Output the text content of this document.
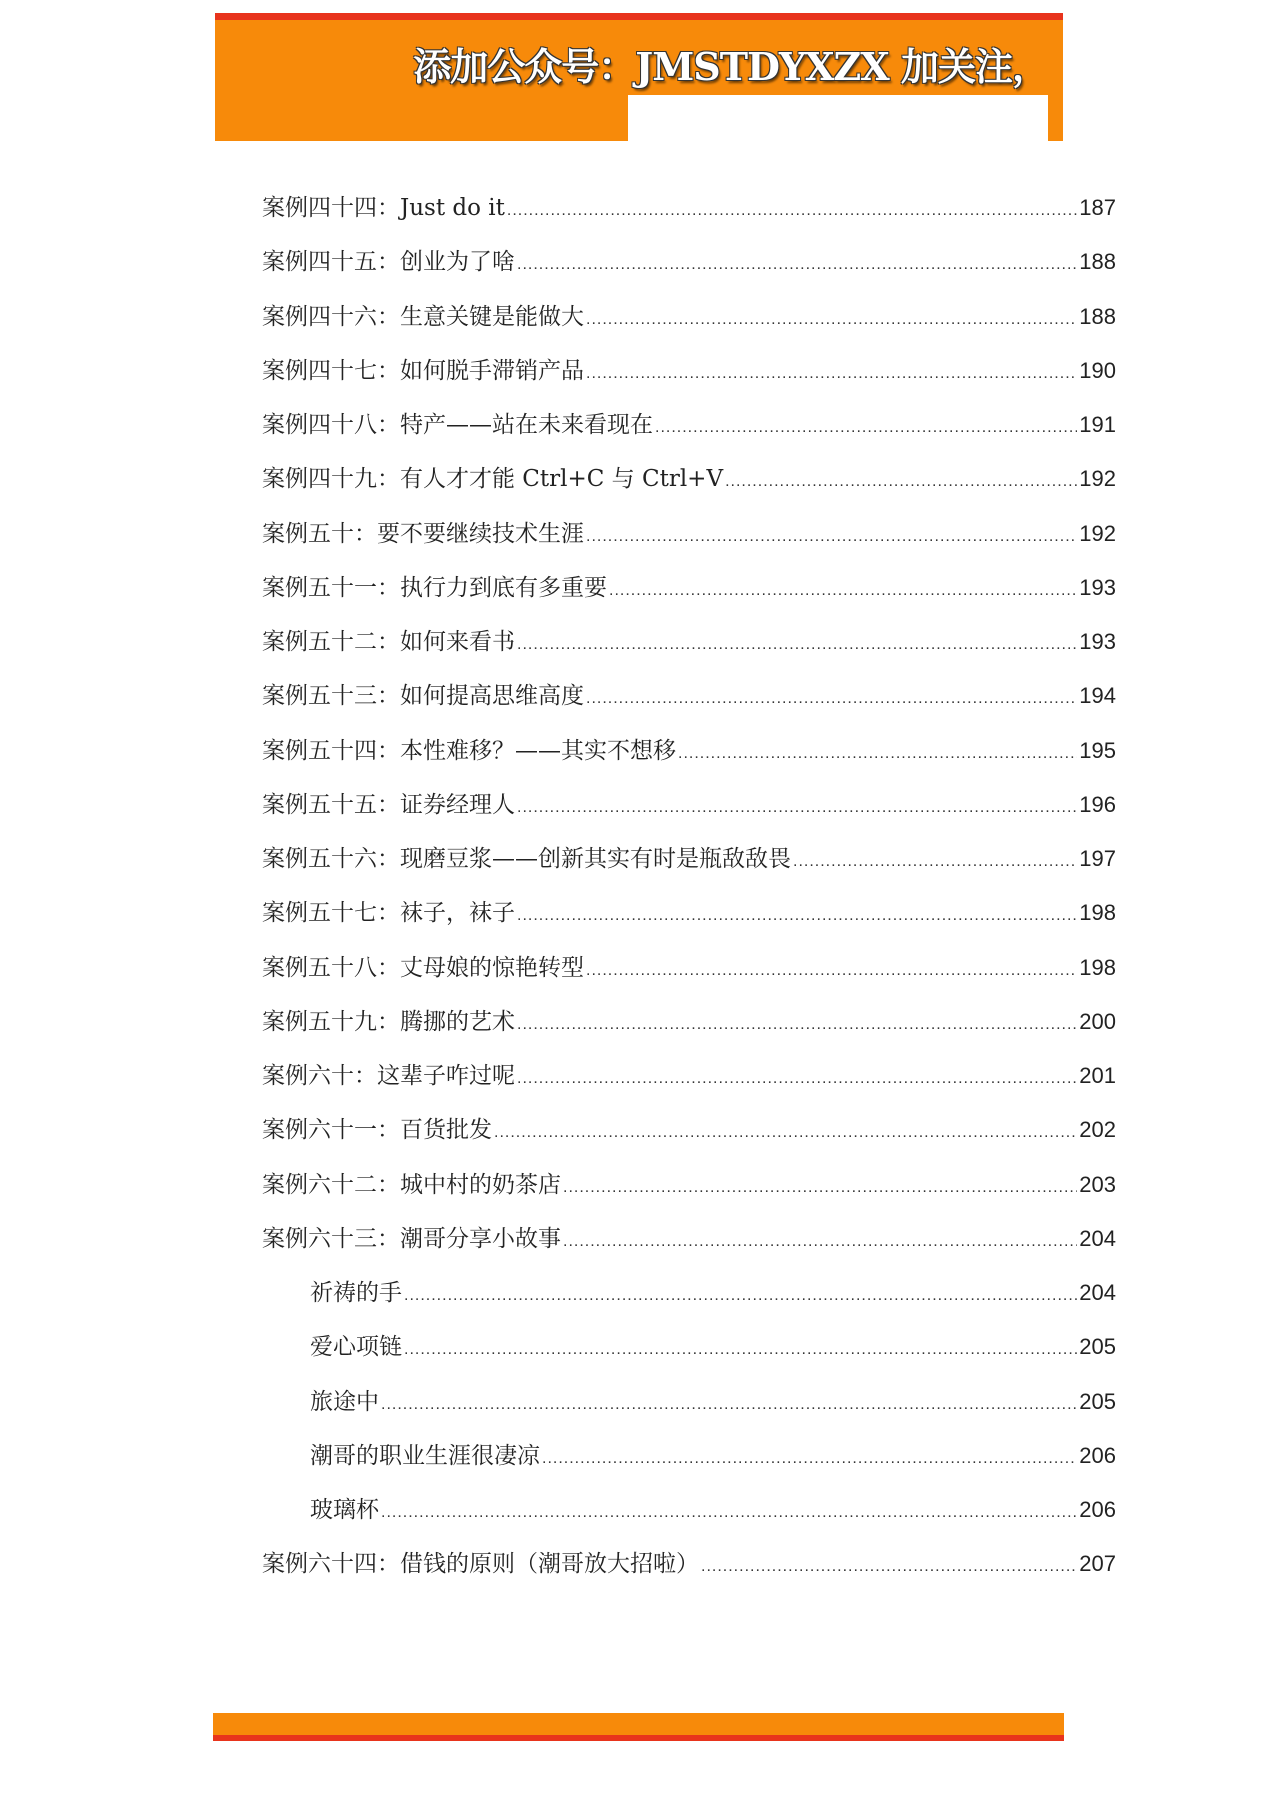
添加公众号：JMSTDYXZX 加关注，
案例四十四：Just do it .....	187
案例四十五：创业为了啥 .....	188
案例四十六：生意关键是能做大 .....	188
案例四十七：如何脱手滞销产品 .....	190
案例四十八：特产——站在未来看现在 .....	191
案例四十九：有人才才能 Ctrl+C 与 Ctrl+V .....	192
案例五十：要不要继续技术生涯 .....	192
案例五十一：执行力到底有多重要 .....	193
案例五十二：如何来看书 .....	193
案例五十三：如何提高思维高度 .....	194
案例五十四：本性难移？——其实不想移 .....	195
案例五十五：证券经理人 .....	196
案例五十六：现磨豆浆——创新其实有时是瓶敌敌畏 .....	197
案例五十七：袜子，袜子 .....	198
案例五十八：丈母娘的惊艳转型 .....	198
案例五十九：腾挪的艺术 .....	200
案例六十：这辈子咋过呢 .....	201
案例六十一：百货批发 .....	202
案例六十二：城中村的奶茶店 .....	203
案例六十三：潮哥分享小故事 .....	204
祈祷的手 .....	204
爱心项链 .....	205
旅途中 .....	205
潮哥的职业生涯很凄凉 .....	206
玻璃杯 .....	206
案例六十四：借钱的原则（潮哥放大招啦） .....	207
